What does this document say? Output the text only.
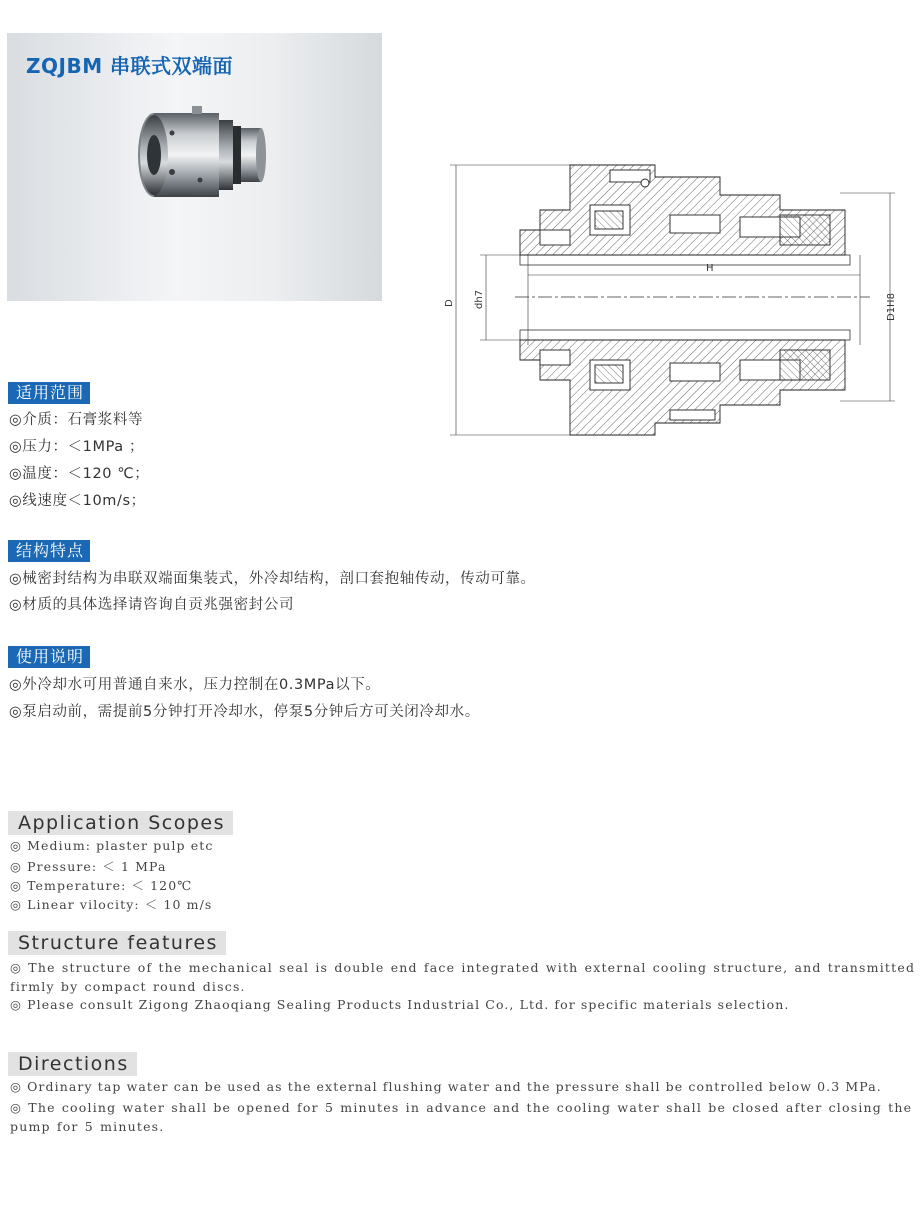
ZQJBM 串联式双端面
D dh7
H
D1H8
适用范围
◎介质：石膏浆料等
◎压力：＜1MPa ；
◎温度：＜120 ℃；
◎线速度＜10m/s；
结构特点
◎械密封结构为串联双端面集装式，外冷却结构，剖口套抱轴传动，传动可靠。
◎材质的具体选择请咨询自贡兆强密封公司
使用说明
◎外冷却水可用普通自来水，压力控制在0.3MPa以下。
◎泵启动前，需提前5分钟打开冷却水，停泵5分钟后方可关闭冷却水。
Application Scopes
◎ Medium: plaster pulp etc
◎ Pressure: ＜ 1 MPa
◎ Temperature: ＜ 120℃
◎ Linear vilocity: ＜ 10 m/s
Structure features
◎ The structure of the mechanical seal is double end face integrated with external cooling structure, and transmitted firmly by compact round discs.
◎ Please consult Zigong Zhaoqiang Sealing Products Industrial Co., Ltd. for specific materials selection.
Directions
◎ Ordinary tap water can be used as the external flushing water and the pressure shall be controlled below 0.3 MPa.
◎ The cooling water shall be opened for 5 minutes in advance and the cooling water shall be closed after closing the pump for 5 minutes.
